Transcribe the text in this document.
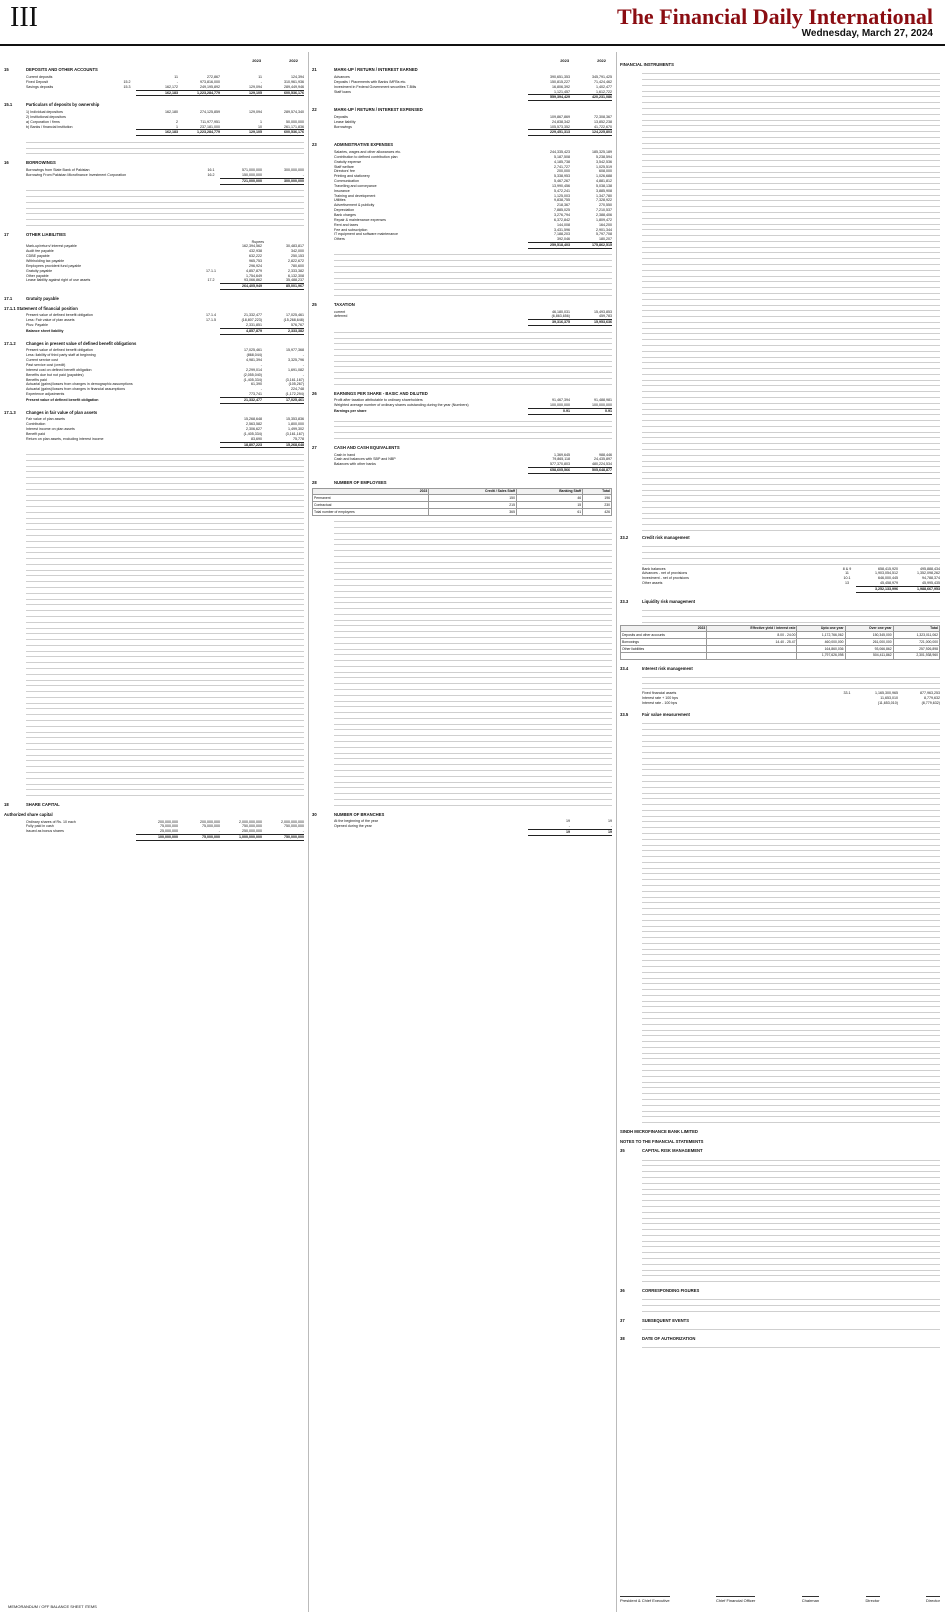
III	The Financial Daily International
Wednesday, March 27, 2024
2023	2022
15	DEPOSITS AND OTHER ACCOUNTS
Current deposits	11	272,867	11	124,394
Fixed Deposit	15.2	-	973,816,000	-	310,961,936
Savings deposits	15.3	162,172	249,195,892	129,094	289,449,946
162,183	1,223,284,779	129,105	600,536,176
15.1	Particulars of deposits by ownership
1) Individual depositors	162,180	274,125,859	129,094	289,574,340
2) Institutional depositors
a) Corporation / firms	2	711,977,951	1	50,000,000
b) Banks / financial institution	1	237,181,000	10	261,171,836
162,183	1,223,284,779	129,105	600,536,176
16	BORROWINGS
Borrowings from State Bank of Pakistan	16.1	571,000,000	300,000,000
Borrowing From Pakistan Microfinance Investment Corporation	16.2	150,000,000	-
721,000,000	300,000,000
17	OTHER LIABILITIES
Rupees
Mark-up/return/ interest payable	162,394,562	30,483,817
Audit fee payable	432,938	342,000
CDBE payable	632,222	250,153
Withholding tax payable	965,753	2,822,672
Employees provident fund payable	296,924	780,600
Gratuity payable	17.1.1	4,857,879	2,333,382
Other payable	1,754,649	6,132,308
Lease liability against right of use assets	17.2	93,066,862	35,488,237
264,405,949	85,001,967
17.1	Gratuity payable
17.1.1 Statement of financial position
Present value of defined benefit obligation	17.1.4	21,332,477	17,025,461
Less: Fair value of plan assets	17.1.5	(18,807,223)	(15,268,648)
Plus: Payable	2,331,851	576,767
Balance sheet liability	4,857,879	2,333,382
17.1.2	Changes in present value of defined benefit obligations
Present value of defined benefit obligation	17,025,461	15,977,368
Less: liability of third party staff at beginning	(868,044)	-
Current service cost	4,981,394	3,325,796
Past service cost (credit)	-	-
Interest cost on defined benefit obligation	2,299,014	1,691,082
Benefits due but not paid (payables)	(2,055,040)	-
Benefits paid	(1,405,334)	(3,161,167)
Actuarial (gains)/losses from changes in demographic assumptions	61,390	(105,267)
Actuarial (gains)/losses from changes in financial assumptions	-	224,748
Experience adjustments	773,741	(1,172,294)
Present value of defined benefit obligation	21,332,477	17,025,461
17.1.3	Changes in fair value of plan assets
Fair value of plan assets	15,268,648	15,353,836
Contribution	2,563,582	1,800,000
Interest income on plan assets	2,306,627	1,499,302
Benefit paid	(1,405,334)	(3,161,167)
Return on plan assets, excluding interest income	83,690	75,778
18,807,223	15,268,648
18	SHARE CAPITAL
Authorized share capital
Ordinary shares of Rs. 10 each	200,000,000	200,000,000	2,000,000,000	2,000,000,000
Fully paid in cash	75,000,000	75,000,000	750,000,000	750,000,000
Issued as bonus shares	25,000,000	-	250,000,000	-
100,000,000	75,000,000	1,000,000,000	750,000,000
2023	2022
21	MARK-UP / RETURN / INTEREST EARNED
Advances	390,651,353	345,791,425
Deposits / Placements with Banks /MFBs etc.	150,815,227	71,424,462
Investment in Federal Government securities T-Bills	16,806,392	1,402,477
Staff loans	1,121,457	1,612,722
559,394,429	420,231,086
22	MARK-UP / RETURN / INTEREST EXPENSED
Deposits	109,867,869	72,308,367
Lease liability	24,838,342	13,852,238
Borrowings	105,573,352	41,722,670
229,451,313	124,225,803
23	ADMINISTRATIVE EXPENSES
Salaries, wages and other allowances etc.	244,335,423	185,325,189
Contribution to defined contribution plan	5,187,508	5,238,594
Gratuity expense	4,185,738	3,542,536
Staff welfare	2,741,727	1,025,519
Directors' fee	200,000	608,000
Printing and stationery	5,338,953	1,026,688
Communication	5,467,267	4,881,812
Travelling and conveyance	13,990,456	5,038,138
Insurance	5,472,241	3,885,908
Training and development	1,125,003	1,347,780
Utilities	9,838,755	7,328,922
Advertisement & publicity	218,367	270,550
Depreciation	7,885,025	7,210,537
Bank charges	3,276,794	2,388,406
Repair & maintenance expenses	6,372,842	1,809,472
Rent and taxes	144,008	164,200
Fee and subscription	3,431,596	2,901,344
IT equipment and software maintenance	7,188,203	5,797,708
Others	392,046	180,207
259,518,403	175,862,515
25	TAXATION
current	46,180,031	15,493,853
deferred	(6,863,656)	459,783
39,316,375	15,953,636
26	EARNINGS PER SHARE - BASIC AND DILUTED
Profit after taxation attributable to ordinary shareholders	91,467,394	91,488,981
Weighted average number of ordinary shares outstanding during the year (Numbers)	100,000,000	100,000,000
Earnings per share	0.91	0.91
27	CASH AND CASH EQUIVALENTS
Cash in hand	1,369,645	988,446
Cash and balances with SBP and NBP	79,865,118	24,435,897
Balances with other banks	577,370,803	480,224,534
658,605,566	505,648,877
28	NUMBER OF EMPLOYEES
2023	Credit / Sales Staff	Banking Staff	Total
Permanent	150	46	196
Contractual	215	15	230
Total number of employees	365	61	426
30	NUMBER OF BRANCHES
At the beginning of the year	19	19
Opened during the year	-	-
19	19
FINANCIAL INSTRUMENTS
33.2	Credit risk management
Bank balances	8 & 9	658,415,920	495,888,434
Advances - net of provisions	11	1,903,054,512	1,352,098,262
Investment - net of provisions	10.1	646,000,445	94,788,374
Other assets	13	45,458,979	45,995,435
3,252,133,996	1,988,667,953
33.3	Liquidity risk management
2023	Effective yield / interest rate	Upto one year	Over one year	Total
Deposits and other accounts	8.00 - 24.00	1,172,766,062	150,345,000	1,323,011,062
Borrowings	14.40 - 25.47	460,000,000	261,000,000	721,000,000
Other liabilities		164,860,036	93,066,862	257,926,898
		1,797,626,098	504,411,862	2,301,938,960
33.4	Interest risk management
Fixed financial assets	33.1	1,165,300,965	877,963,253
Interest rate + 100 bps	11,653,010	8,779,632
Interest rate - 100 bps	(11,653,010)	(8,779,632)
33.5	Fair value measurement
SINDH MICROFINANCE BANK LIMITED
NOTES TO THE FINANCIAL STATEMENTS
35	CAPITAL RISK MANAGEMENT
36	CORRESPONDING FIGURES
37	SUBSEQUENT EVENTS
38	DATE OF AUTHORIZATION
President & Chief Executive	Chief Financial Officer	Chairman	Director	Director
MEMORANDUM / OFF BALANCE SHEET ITEMS
